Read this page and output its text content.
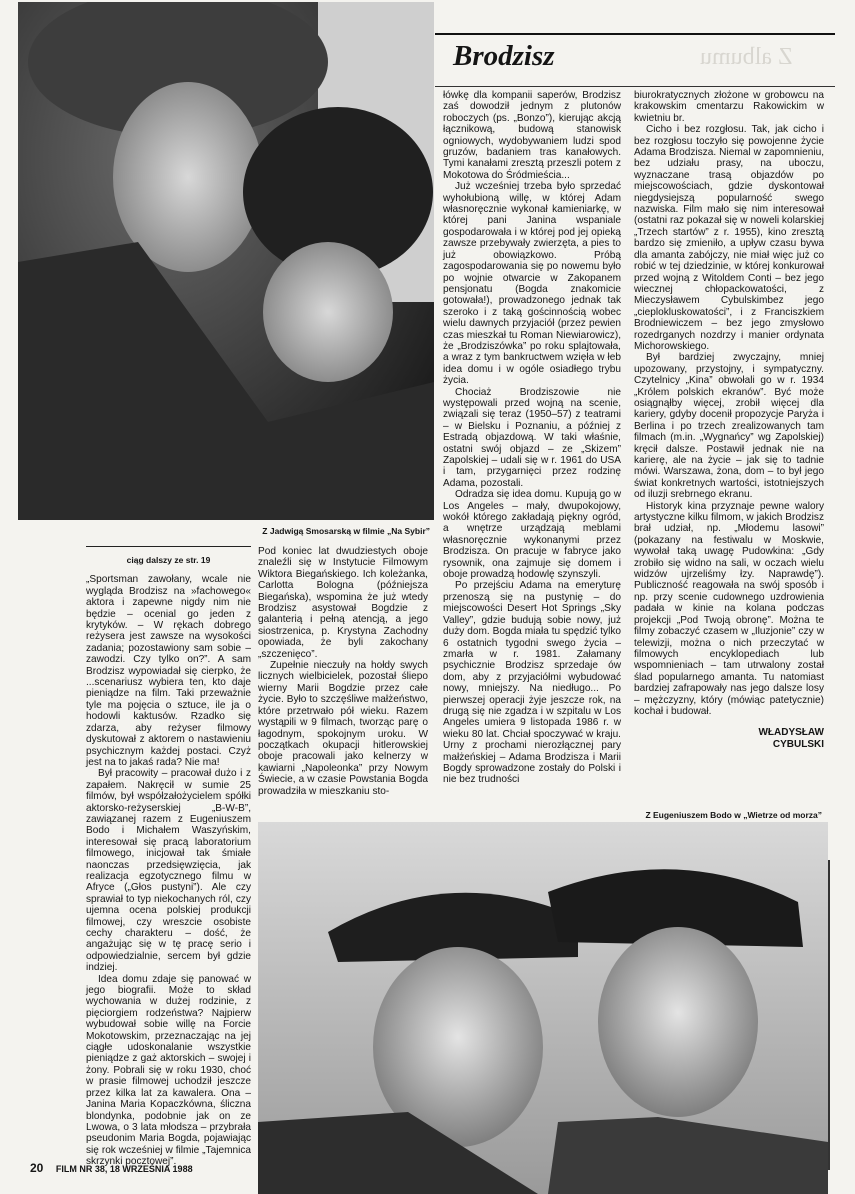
Z Jadwigą Smosarską w filmie „Na Sybir”
Brodzisz	Z albumu
ciąg dalszy ze str. 19

„Sportsman zawołany, wcale nie wygląda Brodzisz na »fachowego« aktora i zapewne nigdy nim nie będzie – ocenial go jeden z krytyków. – W rękach dobrego reżysera jest zawsze na wysokości zadania; pozostawiony sam sobie – zawodzi. Czy tylko on?”. A sam Brodzisz wypowiadał się cierpko, że ...scenariusz wybiera ten, kto daje pieniądze na film. Taki przeważnie tyle ma pojęcia o sztuce, ile ja o hodowli kaktusów. Rzadko się zdarza, aby reżyser filmowy dyskutował z aktorem o nastawieniu psychicznym każdej postaci. Czyż jest na to jakaś rada? Nie ma!

Był pracowity – pracował dużo i z zapałem. Nakręcił w sumie 25 filmów, był współzałożycielem spółki aktorsko-reżyserskiej „B-W-B”, zawiązanej razem z Eugeniuszem Bodo i Michałem Waszyńskim, interesował się pracą laboratorium filmowego, inicjował tak śmiałe naonczas przedsięwzięcia, jak realizacja egzotycznego filmu w Afryce („Głos pustyni”). Ale czy sprawiał to typ niekochanych ról, czy ujemna ocena polskiej produkcji filmowej, czy wreszcie osobiste cechy charakteru – dość, że angażując się w tę pracę serio i odpowiedzialnie, sercem był gdzie indziej.

Idea domu zdaje się panować w jego biografii. Może to skład wychowania w dużej rodzinie, z pięciorgiem rodzeństwa? Najpierw wybudował sobie willę na Forcie Mokotowskim, przeznaczając na jej ciągłe udoskonalanie wszystkie pieniądze z gaż aktorskich – swojej i żony. Pobrali się w roku 1930, choć w prasie filmowej uchodził jeszcze przez kilka lat za kawalera. Ona – Janina Maria Kopaczkówna, śliczna blondynka, podobnie jak on ze Lwowa, o 3 lata młodsza – przybrała pseudonim Maria Bogda, pojawiając się rok wcześniej w filmie „Tajemnica skrzynki pocztowej”.

Pod koniec lat dwudziestych oboje znaleźli się w Instytucie Filmowym Wiktora Biegańskiego. Ich koleżanka, Carlotta Bologna (późniejsza Biegańska), wspomina że już wtedy Brodzisz asystował Bogdzie z galanterią i pełną atencją, a jego siostrzenica, p. Krystyna Zachodny opowiada, że byli zakochany „szczenięco”.

Zupełnie nieczuły na hołdy swych licznych wielbicielek, pozostał śliepo wierny Marii Bogdzie przez całe życie. Było to szczęśliwe małżeństwo, które przetrwało pół wieku. Razem wystąpili w 9 filmach, tworząc parę o łagodnym, spokojnym uroku. W początkach okupacji hitlerowskiej oboje pracowali jako kelnerzy w kawiarni „Napoleonka” przy Nowym Świecie, a w czasie Powstania Bogda prowadziła w mieszkaniu sto-

łówkę dla kompanii saperów, Brodzisz zaś dowodził jednym z plutonów roboczych (ps. „Bonzo”), kierując akcją łącznikową, budową stanowisk ogniowych, wydobywaniem ludzi spod gruzów, badaniem tras kanałowych. Tymi kanałami zresztą przeszli potem z Mokotowa do Śródmieścia...

Już wcześniej trzeba było sprzedać wyhołubioną willę, w której Adam własnoręcznie wykonał kamieniarkę, w której pani Janina wspaniale gospodarowała i w której pod jej opieką zawsze przebywały zwierzęta, a pies to już obowiązkowo. Próbą zagospodarowania się po nowemu było po wojnie otwarcie w Zakopanem pensjonatu (Bogda znakomicie gotowała!), prowadzonego jednak tak szeroko i z taką gościnnością wobec wielu dawnych przyjaciół (przez pewien czas mieszkał tu Roman Niewiarowicz), że „Brodziszówka” po roku splajtowała, a wraz z tym bankructwem wzięła w łeb idea domu i w ogóle osiadłego trybu życia.

Chociaż Brodziszowie nie występowali przed wojną na scenie, związali się teraz (1950–57) z teatrami – w Bielsku i Poznaniu, a później z Estradą objazdową. W taki właśnie, ostatni swój objazd – ze „Skizem” Zapolskiej – udali się w r. 1961 do USA i tam, przygarnięci przez rodzinę Adama, pozostali.

Odradza się idea domu. Kupują go w Los Angeles – mały, dwupokojowy, wokół którego zakładają piękny ogród, a wnętrze urządzają meblami własnoręcznie wykonanymi przez Brodzisza. On pracuje w fabryce jako rysownik, ona zajmuje się domem i oboje prowadzą hodowlę szynszyli.

Po przejściu Adama na emeryturę przenoszą się na pustynię – do miejscowości Desert Hot Springs „Sky Valley”, gdzie budują sobie nowy, już duży dom. Bogda miała tu spędzić tylko 6 ostatnich tygodni swego życia – zmarła w r. 1981. Załamany psychicznie Brodzisz sprzedaje ów dom, aby z przyjaciółmi wybudować nowy, mniejszy. Na niedługo... Po pierwszej operacji żyje jeszcze rok, na drugą się nie zgadza i w szpitalu w Los Angeles umiera 9 listopada 1986 r. w wieku 80 lat. Chciał spoczywać w kraju. Urny z prochami nierozłącznej pary małżeńskiej – Adama Brodzisza i Marii Bogdy sprowadzone zostały do Polski i nie bez trudności

biurokratycznych złożone w grobowcu na krakowskim cmentarzu Rakowickim w kwietniu br.

Cicho i bez rozgłosu. Tak, jak cicho i bez rozgłosu toczyło się powojenne życie Adama Brodzisza. Niemal w zapomnieniu, bez udziału prasy, na uboczu, wyznaczane trasą objazdów po miejscowościach, gdzie dyskontował niegdysiejszą popularność swego nazwiska. Film mało się nim interesował (ostatni raz pokazał się w noweli kolarskiej „Trzech startów” z r. 1955), kino zresztą bardzo się zmieniło, a upływ czasu bywa dla amanta zabójczy, nie miał więc już co robić w tej dziedzinie, w której konkurował przed wojną z Witoldem Conti – bez jego wiecznej chłopackowatości, z Mieczysławem Cybulskimbez jego „cieplokluskowatości”, i z Franciszkiem Brodniewiczem – bez jego zmysłowo rozedrganych nozdrzy i manier ordynata Michorowskiego.

Był bardziej zwyczajny, mniej upozowany, przystojny, i sympatyczny. Czytelnicy „Kina” obwołali go w r. 1934 „Królem polskich ekranów”. Być może osiągnąłby więcej, zrobił więcej dla kariery, gdyby docenił propozycje Paryża i Berlina i po trzech zrealizowanych tam filmach (m.in. „Wygnańcy” wg Zapolskiej) kręcił dalsze. Postawił jednak nie na karierę, ale na życie – jak się to tadnie mówi. Warszawa, żona, dom – to był jego świat konkretnych wartości, istotniejszych od iluzji srebrnego ekranu.

Historyk kina przyznaje pewne walory artystyczne kilku filmom, w jakich Brodzisz brał udział, np. „Młodemu lasowi” (pokazany na festiwalu w Moskwie, wywołał taką uwagę Pudowkina: „Gdy zrobiło się widno na sali, w oczach wielu widzów ujrzeliśmy łzy. Naprawdę”). Publiczność reagowała na swój sposób i np. przy scenie cudownego uzdrowienia padała w kinie na kolana podczas projekcji „Pod Twoją obronę”. Można te filmy zobaczyć czasem w „Iluzjonie” czy w telewizji, można o nich przeczytać w filmowych encyklopediach lub wspomnieniach – tam utrwalony został ślad popularnego amanta. Tu natomiast bardziej zafrapowały nas jego dalsze losy – mężczyzny, który (mówiąc patetycznie) kochał i budował.

WŁADYSŁAW
CYBULSKI
Z Eugeniuszem Bodo w „Wietrze od morza”
20 FILM NR 38, 18 WRZEŚNIA 1988
